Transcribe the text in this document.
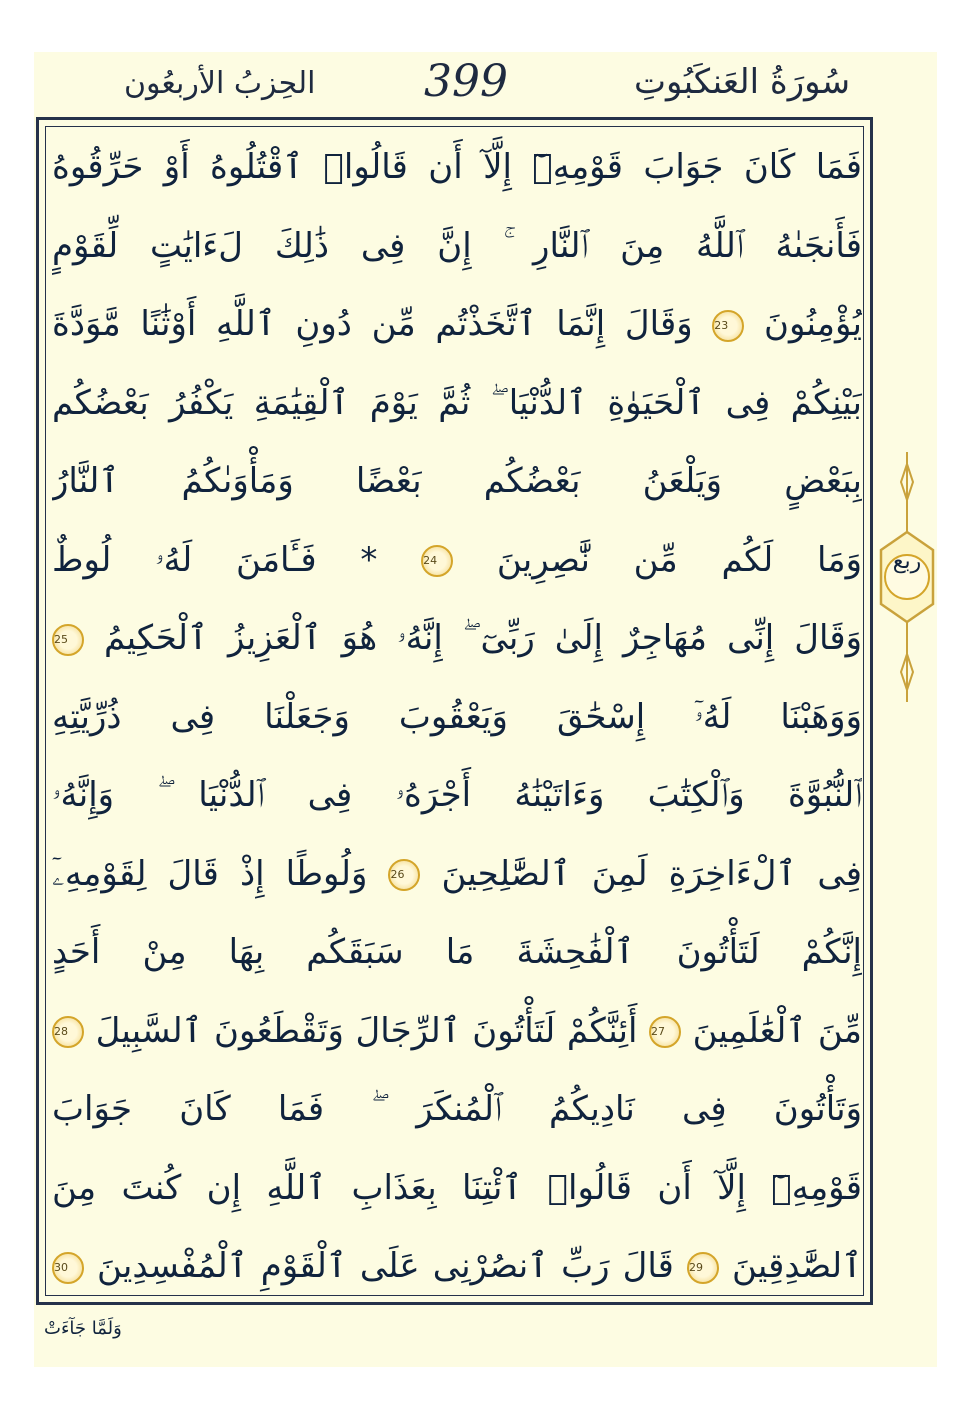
الحِزبُ الأربعُون 399	سُورَةُ العَنكَبُوتِ
فَمَا كَانَ جَوَابَ قَوْمِهِۦٓ إِلَّآ أَن قَالُوا۟ ٱقْتُلُوهُ أَوْ حَرِّقُوهُ
فَأَنجَىٰهُ ٱللَّهُ مِنَ ٱلنَّارِ ۚ إِنَّ فِى ذَٰلِكَ لَءَايَٰتٍ لِّقَوْمٍ
يُؤْمِنُونَ 23 وَقَالَ إِنَّمَا ٱتَّخَذْتُم مِّن دُونِ ٱللَّهِ أَوْثَٰنًا مَّوَدَّةَ
بَيْنِكُمْ فِى ٱلْحَيَوٰةِ ٱلدُّنْيَا ۖ ثُمَّ يَوْمَ ٱلْقِيَٰمَةِ يَكْفُرُ بَعْضُكُم
بِبَعْضٍ وَيَلْعَنُ بَعْضُكُم بَعْضًا وَمَأْوَىٰكُمُ ٱلنَّارُ
وَمَا لَكُم مِّن نَّٰصِرِينَ 24 * فَـَٔامَنَ لَهُۥ لُوطٌ
وَقَالَ إِنِّى مُهَاجِرٌ إِلَىٰ رَبِّىٓ ۖ إِنَّهُۥ هُوَ ٱلْعَزِيزُ ٱلْحَكِيمُ 25
وَوَهَبْنَا لَهُۥٓ إِسْحَٰقَ وَيَعْقُوبَ وَجَعَلْنَا فِى ذُرِّيَّتِهِ
ٱلنُّبُوَّةَ وَٱلْكِتَٰبَ وَءَاتَيْنَٰهُ أَجْرَهُۥ فِى ٱلدُّنْيَا ۖ وَإِنَّهُۥ
فِى ٱلْءَاخِرَةِ لَمِنَ ٱلصَّٰلِحِينَ 26 وَلُوطًا إِذْ قَالَ لِقَوْمِهِۦٓ
إِنَّكُمْ لَتَأْتُونَ ٱلْفَٰحِشَةَ مَا سَبَقَكُم بِهَا مِنْ أَحَدٍ
مِّنَ ٱلْعَٰلَمِينَ 27 أَئِنَّكُمْ لَتَأْتُونَ ٱلرِّجَالَ وَتَقْطَعُونَ ٱلسَّبِيلَ 28
وَتَأْتُونَ فِى نَادِيكُمُ ٱلْمُنكَرَ ۖ فَمَا كَانَ جَوَابَ
قَوْمِهِۦٓ إِلَّآ أَن قَالُوا۟ ٱئْتِنَا بِعَذَابِ ٱللَّهِ إِن كُنتَ مِنَ
ٱلصَّٰدِقِينَ 29 قَالَ رَبِّ ٱنصُرْنِى عَلَى ٱلْقَوْمِ ٱلْمُفْسِدِينَ 30
ربع
وَلَمَّا جَآءَتْ
